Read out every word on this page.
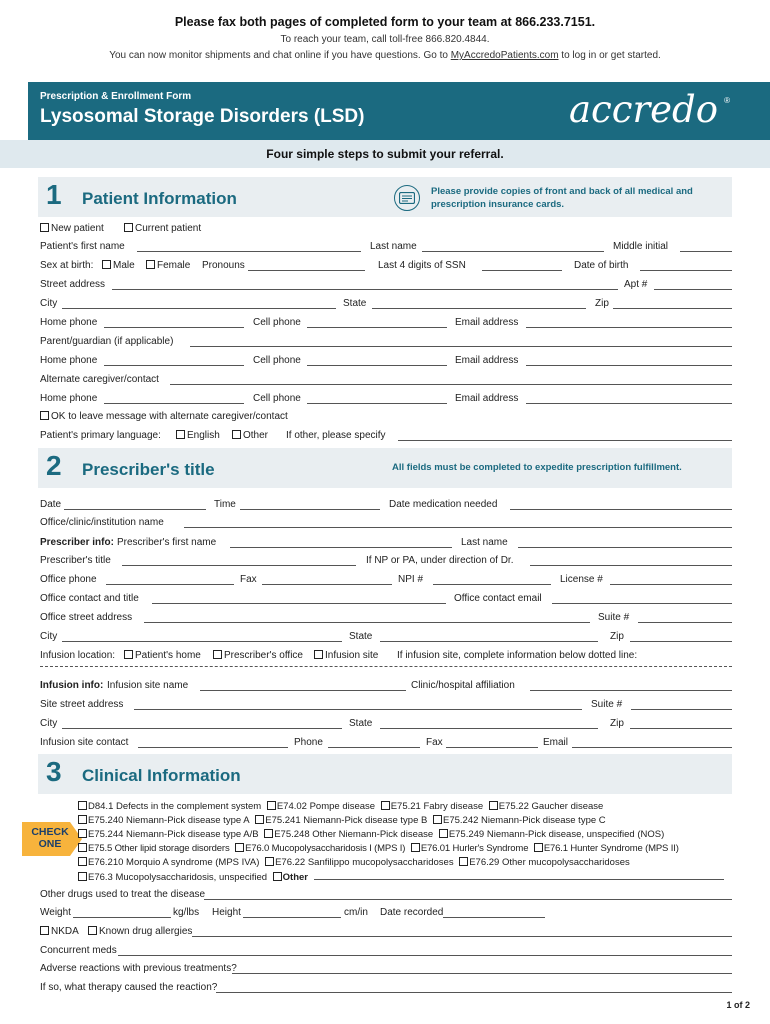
Please fax both pages of completed form to your team at 866.233.7151.
To reach your team, call toll-free 866.820.4844.
You can now monitor shipments and chat online if you have questions. Go to MyAccredoPatients.com to log in or get started.
Prescription & Enrollment Form
Lysosomal Storage Disorders (LSD)	accredo ®
Four simple steps to submit your referral.
1 Patient Information	Please provide copies of front and back of all medical and prescription insurance cards.
New patient	Current patient
Patient's first name	Last name	Middle initial
Sex at birth:	Male	Female Pronouns	Last 4 digits of SSN	Date of birth
Street address	Apt #
City	State	Zip
Home phone	Cell phone	Email address
Parent/guardian (if applicable)
Home phone	Cell phone	Email address
Alternate caregiver/contact
Home phone	Cell phone	Email address
OK to leave message with alternate caregiver/contact
Patient's primary language:	English	Other If other, please specify
2 Prescriber's title	All fields must be completed to expedite prescription fulfillment.
Date	Time	Date medication needed
Office/clinic/institution name
Prescriber info: Prescriber's first name	Last name
Prescriber's title	If NP or PA, under direction of Dr.
Office phone	Fax	NPI #	License #
Office contact and title	Office contact email
Office street address	Suite #
City	State	Zip
Infusion location:	Patient's home	Prescriber's office	Infusion site If infusion site, complete information below dotted line:
Infusion info: Infusion site name	Clinic/hospital affiliation
Site street address	Suite #
City	State	Zip
Infusion site contact	Phone	Fax	Email
3 Clinical Information
CHECK
ONE
D84.1 Defects in the complement system E74.02 Pompe disease E75.21 Fabry disease E75.22 Gaucher disease
E75.240 Niemann-Pick disease type A E75.241 Niemann-Pick disease type B E75.242 Niemann-Pick disease type C
E75.244 Niemann-Pick disease type A/B E75.248 Other Niemann-Pick disease E75.249 Niemann-Pick disease, unspecified (NOS)
E75.5 Other lipid storage disorders E76.0 Mucopolysaccharidosis I (MPS I) E76.01 Hurler's Syndrome E76.1 Hunter Syndrome (MPS II)
E76.210 Morquio A syndrome (MPS IVA) E76.22 Sanfilippo mucopolysaccharidoses E76.29 Other mucopolysaccharidoses
E76.3 Mucopolysaccharidosis, unspecified Other
Other drugs used to treat the disease
Weight	kg/lbs Height	cm/in Date recorded
NKDA	Known drug allergies
Concurrent meds
Adverse reactions with previous treatments?
If so, what therapy caused the reaction?
1 of 2
